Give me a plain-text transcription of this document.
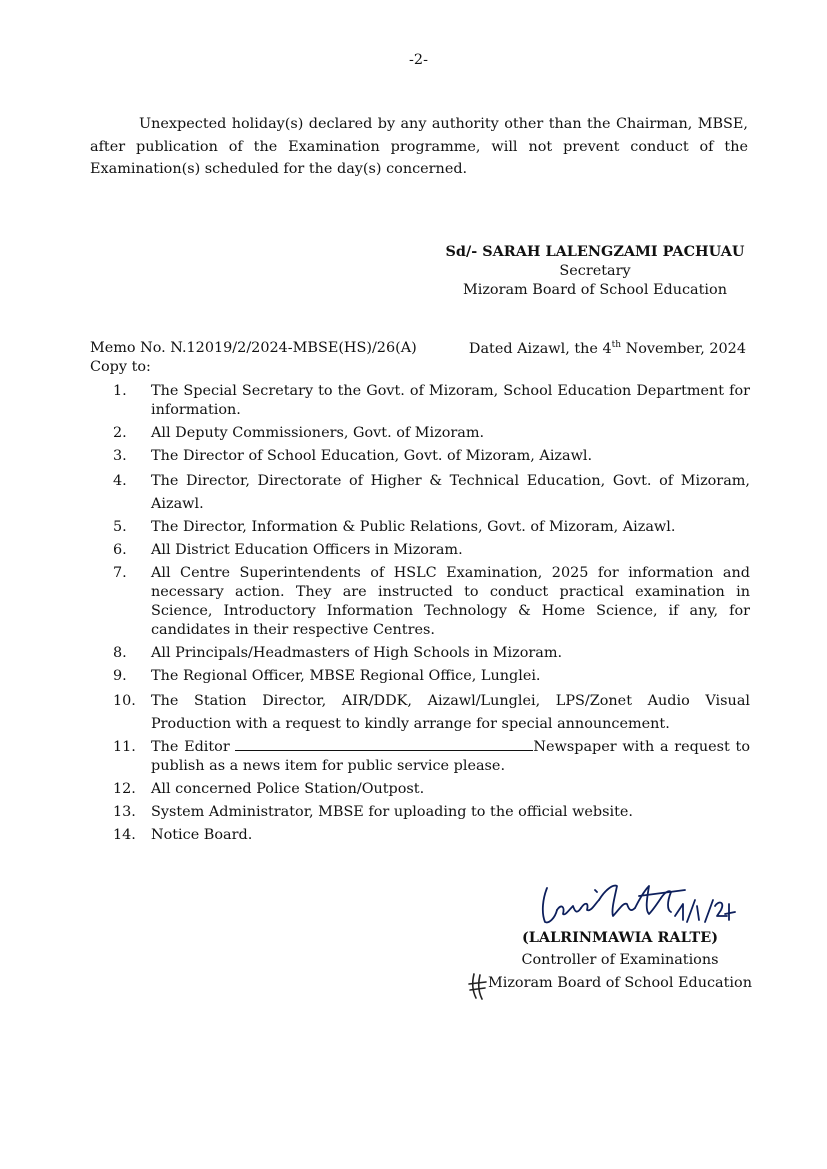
-2-
Unexpected holiday(s) declared by any authority other than the Chairman, MBSE, after publication of the Examination programme, will not prevent conduct of the Examination(s) scheduled for the day(s) concerned.
Sd/- SARAH LALENGZAMI PACHUAU
Secretary
Mizoram Board of School Education
Memo No. N.12019/2/2024-MBSE(HS)/26(A)	Dated Aizawl, the 4th November, 2024
Copy to:
1.	The Special Secretary to the Govt. of Mizoram, School Education Department for information.
2.	All Deputy Commissioners, Govt. of Mizoram.
3.	The Director of School Education, Govt. of Mizoram, Aizawl.
4.	The Director, Directorate of Higher & Technical Education, Govt. of Mizoram, Aizawl.
5.	The Director, Information & Public Relations, Govt. of Mizoram, Aizawl.
6.	All District Education Officers in Mizoram.
7.	All Centre Superintendents of HSLC Examination, 2025 for information and necessary action. They are instructed to conduct practical examination in Science, Introductory Information Technology & Home Science, if any, for candidates in their respective Centres.
8.	All Principals/Headmasters of High Schools in Mizoram.
9.	The Regional Officer, MBSE Regional Office, Lunglei.
10.	The Station Director, AIR/DDK, Aizawl/Lunglei, LPS/Zonet Audio Visual Production with a request to kindly arrange for special announcement.
11.	The Editor	Newspaper with a request to publish as a news item for public service please.
12.	All concerned Police Station/Outpost.
13.	System Administrator, MBSE for uploading to the official website.
14.	Notice Board.
4/11/24
(LALRINMAWIA RALTE)
Controller of Examinations
Mizoram Board of School Education
